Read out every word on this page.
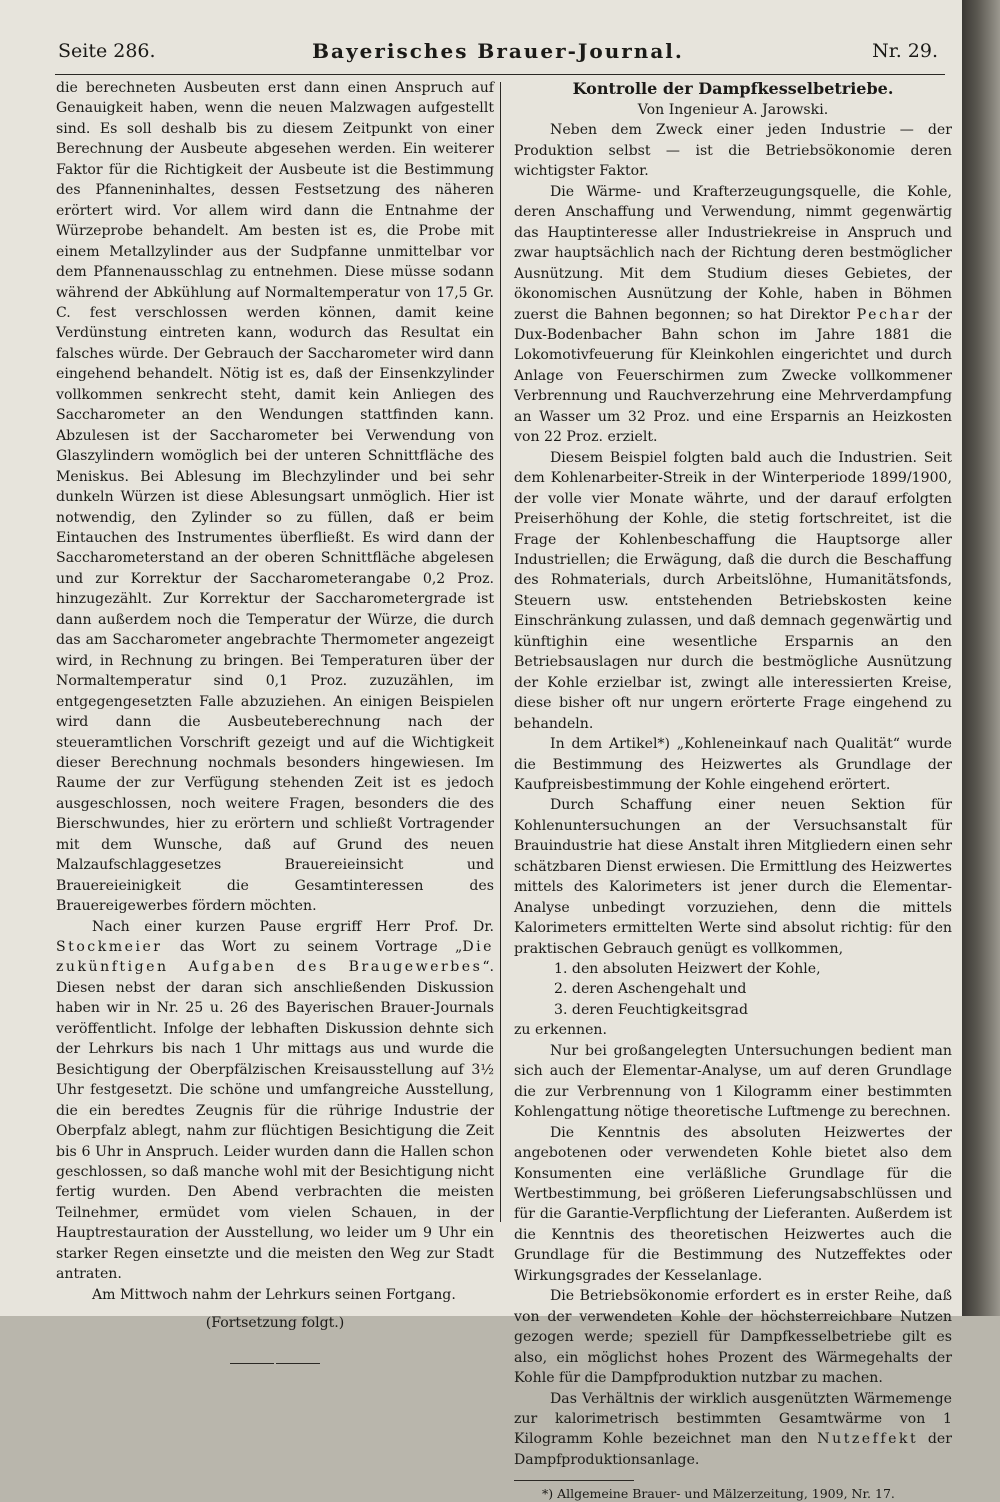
Seite 286.	Bayerisches Brauer-Journal.	Nr. 29.

die berechneten Ausbeuten erst dann einen Anspruch auf Genauigkeit haben, wenn die neuen Malzwagen aufgestellt sind. Es soll deshalb bis zu diesem Zeitpunkt von einer Berechnung der Ausbeute abgesehen werden. Ein weiterer Faktor für die Richtigkeit der Ausbeute ist die Bestimmung des Pfanneninhaltes, dessen Festsetzung des näheren erörtert wird. Vor allem wird dann die Entnahme der Würzeprobe behandelt. Am besten ist es, die Probe mit einem Metallzylinder aus der Sudpfanne unmittelbar vor dem Pfannenausschlag zu entnehmen. Diese müsse sodann während der Abkühlung auf Normaltemperatur von 17,5 Gr. C. fest verschlossen werden können, damit keine Verdünstung eintreten kann, wodurch das Resultat ein falsches würde. Der Gebrauch der Saccharometer wird dann eingehend behandelt. Nötig ist es, daß der Einsenkzylinder vollkommen senkrecht steht, damit kein Anliegen des Saccharometer an den Wendungen stattfinden kann. Abzulesen ist der Saccharometer bei Verwendung von Glaszylindern womöglich bei der unteren Schnittfläche des Meniskus. Bei Ablesung im Blechzylinder und bei sehr dunkeln Würzen ist diese Ablesungsart unmöglich. Hier ist notwendig, den Zylinder so zu füllen, daß er beim Eintauchen des Instrumentes überfließt. Es wird dann der Saccharometerstand an der oberen Schnittfläche abgelesen und zur Korrektur der Saccharometerangabe 0,2 Proz. hinzugezählt. Zur Korrektur der Saccharometergrade ist dann außerdem noch die Temperatur der Würze, die durch das am Saccharometer angebrachte Thermometer angezeigt wird, in Rechnung zu bringen. Bei Temperaturen über der Normaltemperatur sind 0,1 Proz. zuzuzählen, im entgegengesetzten Falle abzuziehen. An einigen Beispielen wird dann die Ausbeuteberechnung nach der steueramtlichen Vorschrift gezeigt und auf die Wichtigkeit dieser Berechnung nochmals besonders hingewiesen. Im Raume der zur Verfügung stehenden Zeit ist es jedoch ausgeschlossen, noch weitere Fragen, besonders die des Bierschwundes, hier zu erörtern und schließt Vortragender mit dem Wunsche, daß auf Grund des neuen Malzaufschlaggesetzes Brauereieinsicht und Brauereieinigkeit die Gesamtinteressen des Brauereigewerbes fördern möchten.

Nach einer kurzen Pause ergriff Herr Prof. Dr. Stockmeier das Wort zu seinem Vortrage „Die zukünftigen Aufgaben des Braugewerbes“. Diesen nebst der daran sich anschließenden Diskussion haben wir in Nr. 25 u. 26 des Bayerischen Brauer-Journals veröffentlicht. Infolge der lebhaften Diskussion dehnte sich der Lehrkurs bis nach 1 Uhr mittags aus und wurde die Besichtigung der Oberpfälzischen Kreisausstellung auf 3½ Uhr festgesetzt. Die schöne und umfangreiche Ausstellung, die ein beredtes Zeugnis für die rührige Industrie der Oberpfalz ablegt, nahm zur flüchtigen Besichtigung die Zeit bis 6 Uhr in Anspruch. Leider wurden dann die Hallen schon geschlossen, so daß manche wohl mit der Besichtigung nicht fertig wurden. Den Abend verbrachten die meisten Teilnehmer, ermüdet vom vielen Schauen, in der Hauptrestauration der Ausstellung, wo leider um 9 Uhr ein starker Regen einsetzte und die meisten den Weg zur Stadt antraten.

Am Mittwoch nahm der Lehrkurs seinen Fortgang.

(Fortsetzung folgt.)

Kontrolle der Dampfkesselbetriebe.

Von Ingenieur A. Jarowski.

Neben dem Zweck einer jeden Industrie — der Produktion selbst — ist die Betriebsökonomie deren wichtigster Faktor.

Die Wärme- und Krafterzeugungsquelle, die Kohle, deren Anschaffung und Verwendung, nimmt gegenwärtig das Hauptinteresse aller Industriekreise in Anspruch und zwar hauptsächlich nach der Richtung deren bestmöglicher Ausnützung. Mit dem Studium dieses Gebietes, der ökonomischen Ausnützung der Kohle, haben in Böhmen zuerst die Bahnen begonnen; so hat Direktor Pechar der Dux-Bodenbacher Bahn schon im Jahre 1881 die Lokomotivfeuerung für Kleinkohlen eingerichtet und durch Anlage von Feuerschirmen zum Zwecke vollkommener Verbrennung und Rauchverzehrung eine Mehrverdampfung an Wasser um 32 Proz. und eine Ersparnis an Heizkosten von 22 Proz. erzielt.

Diesem Beispiel folgten bald auch die Industrien. Seit dem Kohlenarbeiter-Streik in der Winterperiode 1899/1900, der volle vier Monate währte, und der darauf erfolgten Preiserhöhung der Kohle, die stetig fortschreitet, ist die Frage der Kohlenbeschaffung die Hauptsorge aller Industriellen; die Erwägung, daß die durch die Beschaffung des Rohmaterials, durch Arbeitslöhne, Humanitätsfonds, Steuern usw. entstehenden Betriebskosten keine Einschränkung zulassen, und daß demnach gegenwärtig und künftighin eine wesentliche Ersparnis an den Betriebsauslagen nur durch die bestmögliche Ausnützung der Kohle erzielbar ist, zwingt alle interessierten Kreise, diese bisher oft nur ungern erörterte Frage eingehend zu behandeln.

In dem Artikel*) „Kohleneinkauf nach Qualität“ wurde die Bestimmung des Heizwertes als Grundlage der Kaufpreisbestimmung der Kohle eingehend erörtert.

Durch Schaffung einer neuen Sektion für Kohlenuntersuchungen an der Versuchsanstalt für Brauindustrie hat diese Anstalt ihren Mitgliedern einen sehr schätzbaren Dienst erwiesen. Die Ermittlung des Heizwertes mittels des Kalorimeters ist jener durch die Elementar-Analyse unbedingt vorzuziehen, denn die mittels Kalorimeters ermittelten Werte sind absolut richtig: für den praktischen Gebrauch genügt es vollkommen,

1. den absoluten Heizwert der Kohle,
2. deren Aschengehalt und
3. deren Feuchtigkeitsgrad

zu erkennen.

Nur bei großangelegten Untersuchungen bedient man sich auch der Elementar-Analyse, um auf deren Grundlage die zur Verbrennung von 1 Kilogramm einer bestimmten Kohlengattung nötige theoretische Luftmenge zu berechnen.

Die Kenntnis des absoluten Heizwertes der angebotenen oder verwendeten Kohle bietet also dem Konsumenten eine verläßliche Grundlage für die Wertbestimmung, bei größeren Lieferungsabschlüssen und für die Garantie-Verpflichtung der Lieferanten. Außerdem ist die Kenntnis des theoretischen Heizwertes auch die Grundlage für die Bestimmung des Nutzeffektes oder Wirkungsgrades der Kesselanlage.

Die Betriebsökonomie erfordert es in erster Reihe, daß von der verwendeten Kohle der höchsterreichbare Nutzen gezogen werde; speziell für Dampfkesselbetriebe gilt es also, ein möglichst hohes Prozent des Wärmegehalts der Kohle für die Dampfproduktion nutzbar zu machen.

Das Verhältnis der wirklich ausgenützten Wärmemenge zur kalorimetrisch bestimmten Gesamtwärme von 1 Kilogramm Kohle bezeichnet man den Nutzeffekt der Dampfproduktionsanlage.

*) Allgemeine Brauer- und Mälzerzeitung, 1909, Nr. 17.
